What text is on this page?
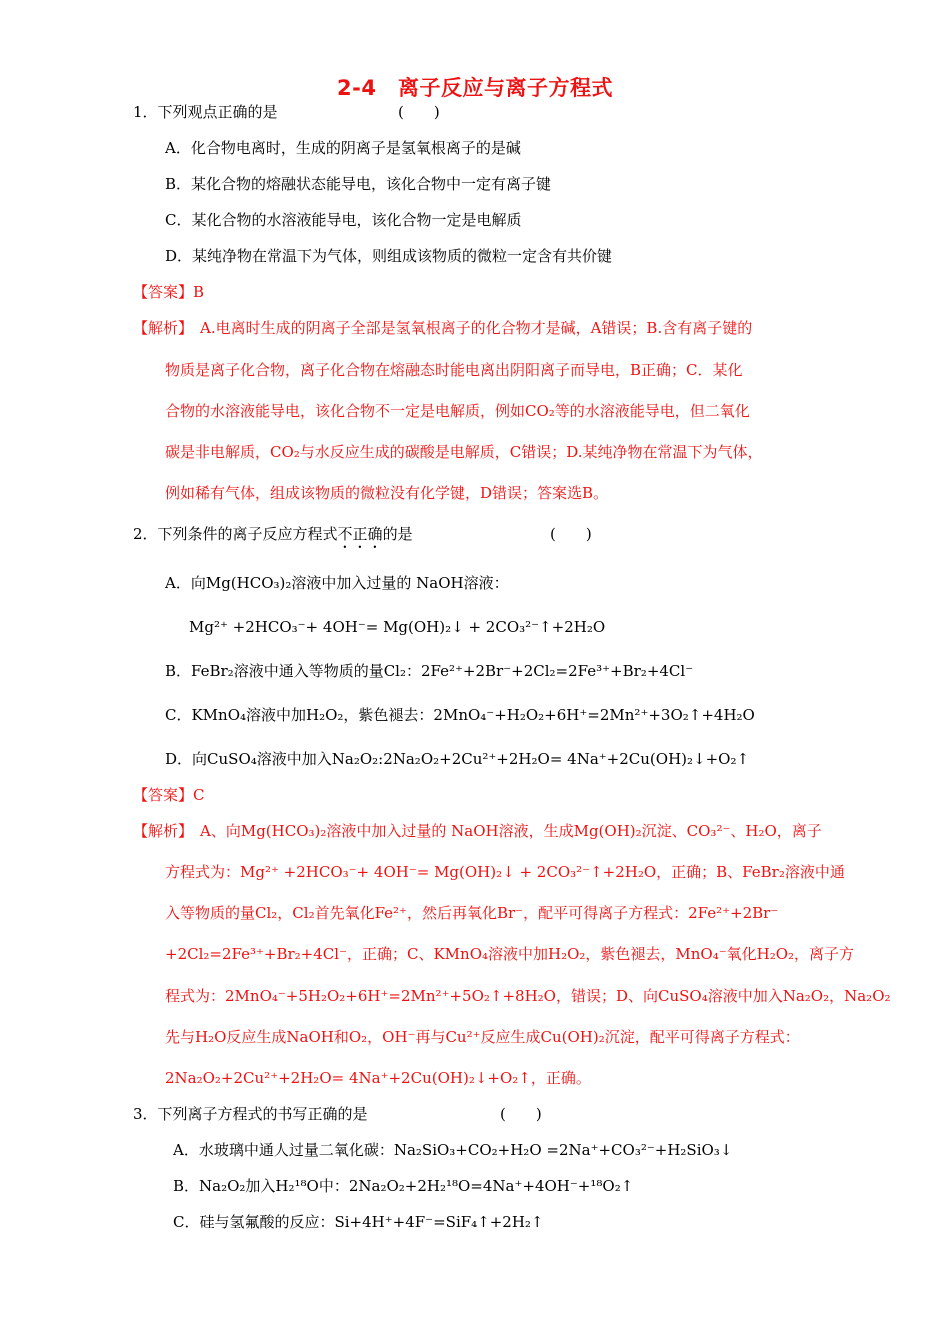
2-4　离子反应与离子方程式
1．下列观点正确的是	(　　)
A．化合物电离时，生成的阴离子是氢氧根离子的是碱
B．某化合物的熔融状态能导电，该化合物中一定有离子键
C．某化合物的水溶液能导电，该化合物一定是电解质
D．某纯净物在常温下为气体，则组成该物质的微粒一定含有共价键
【答案】B
【解析】 A.电离时生成的阴离子全部是氢氧根离子的化合物才是碱，A错误；B.含有离子键的
物质是离子化合物，离子化合物在熔融态时能电离出阴阳离子而导电，B正确；C．某化
合物的水溶液能导电，该化合物不一定是电解质，例如CO₂等的水溶液能导电，但二氧化
碳是非电解质，CO₂与水反应生成的碳酸是电解质，C错误；D.某纯净物在常温下为气体，
例如稀有气体，组成该物质的微粒没有化学键，D错误；答案选B。
2．下列条件的离子反应方程式不正确的是	(　　)
A．向Mg(HCO₃)₂溶液中加入过量的 NaOH溶液：
Mg²⁺ +2HCO₃⁻+ 4OH⁻= Mg(OH)₂↓ + 2CO₃²⁻↑+2H₂O
B．FeBr₂溶液中通入等物质的量Cl₂：2Fe²⁺+2Br⁻+2Cl₂=2Fe³⁺+Br₂+4Cl⁻
C．KMnO₄溶液中加H₂O₂，紫色褪去：2MnO₄⁻+H₂O₂+6H⁺=2Mn²⁺+3O₂↑+4H₂O
D．向CuSO₄溶液中加入Na₂O₂:2Na₂O₂+2Cu²⁺+2H₂O= 4Na⁺+2Cu(OH)₂↓+O₂↑
【答案】C
【解析】 A、向Mg(HCO₃)₂溶液中加入过量的 NaOH溶液，生成Mg(OH)₂沉淀、CO₃²⁻、H₂O，离子
方程式为：Mg²⁺ +2HCO₃⁻+ 4OH⁻= Mg(OH)₂↓ + 2CO₃²⁻↑+2H₂O，正确；B、FeBr₂溶液中通
入等物质的量Cl₂，Cl₂首先氧化Fe²⁺，然后再氧化Br⁻，配平可得离子方程式：2Fe²⁺+2Br⁻
+2Cl₂=2Fe³⁺+Br₂+4Cl⁻，正确；C、KMnO₄溶液中加H₂O₂，紫色褪去，MnO₄⁻氧化H₂O₂，离子方
程式为：2MnO₄⁻+5H₂O₂+6H⁺=2Mn²⁺+5O₂↑+8H₂O，错误；D、向CuSO₄溶液中加入Na₂O₂，Na₂O₂
先与H₂O反应生成NaOH和O₂，OH⁻再与Cu²⁺反应生成Cu(OH)₂沉淀，配平可得离子方程式：
2Na₂O₂+2Cu²⁺+2H₂O= 4Na⁺+2Cu(OH)₂↓+O₂↑，正确。
3．下列离子方程式的书写正确的是	(　　)
A．水玻璃中通人过量二氧化碳：Na₂SiO₃+CO₂+H₂O =2Na⁺+CO₃²⁻+H₂SiO₃↓
B．Na₂O₂加入H₂¹⁸O中：2Na₂O₂+2H₂¹⁸O=4Na⁺+4OH⁻+¹⁸O₂↑
C．硅与氢氟酸的反应：Si+4H⁺+4F⁻=SiF₄↑+2H₂↑
